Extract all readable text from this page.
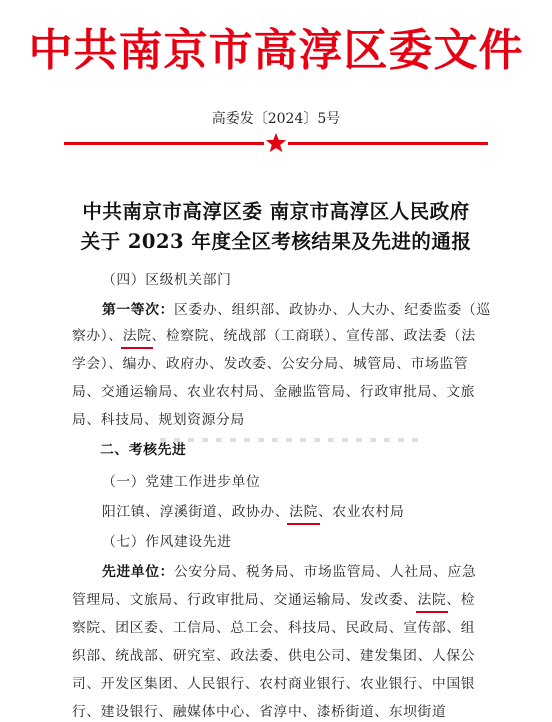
中共南京市高淳区委文件
高委发〔2024〕5号
中共南京市高淳区委 南京市高淳区人民政府
关于 2023 年度全区考核结果及先进的通报
（四）区级机关部门
第一等次：区委办、组织部、政协办、人大办、纪委监委（巡
察办）、法院、检察院、统战部（工商联）、宣传部、政法委（法
学会）、编办、政府办、发改委、公安分局、城管局、市场监管
局、交通运输局、农业农村局、金融监管局、行政审批局、文旅
局、科技局、规划资源分局
二、考核先进
（一）党建工作进步单位
阳江镇、淳溪街道、政协办、法院、农业农村局
（七）作风建设先进
先进单位：公安分局、税务局、市场监管局、人社局、应急
管理局、文旅局、行政审批局、交通运输局、发改委、法院、检
察院、团区委、工信局、总工会、科技局、民政局、宣传部、组
织部、统战部、研究室、政法委、供电公司、建发集团、人保公
司、开发区集团、人民银行、农村商业银行、农业银行、中国银
行、建设银行、融媒体中心、省淳中、漆桥街道、东坝街道
